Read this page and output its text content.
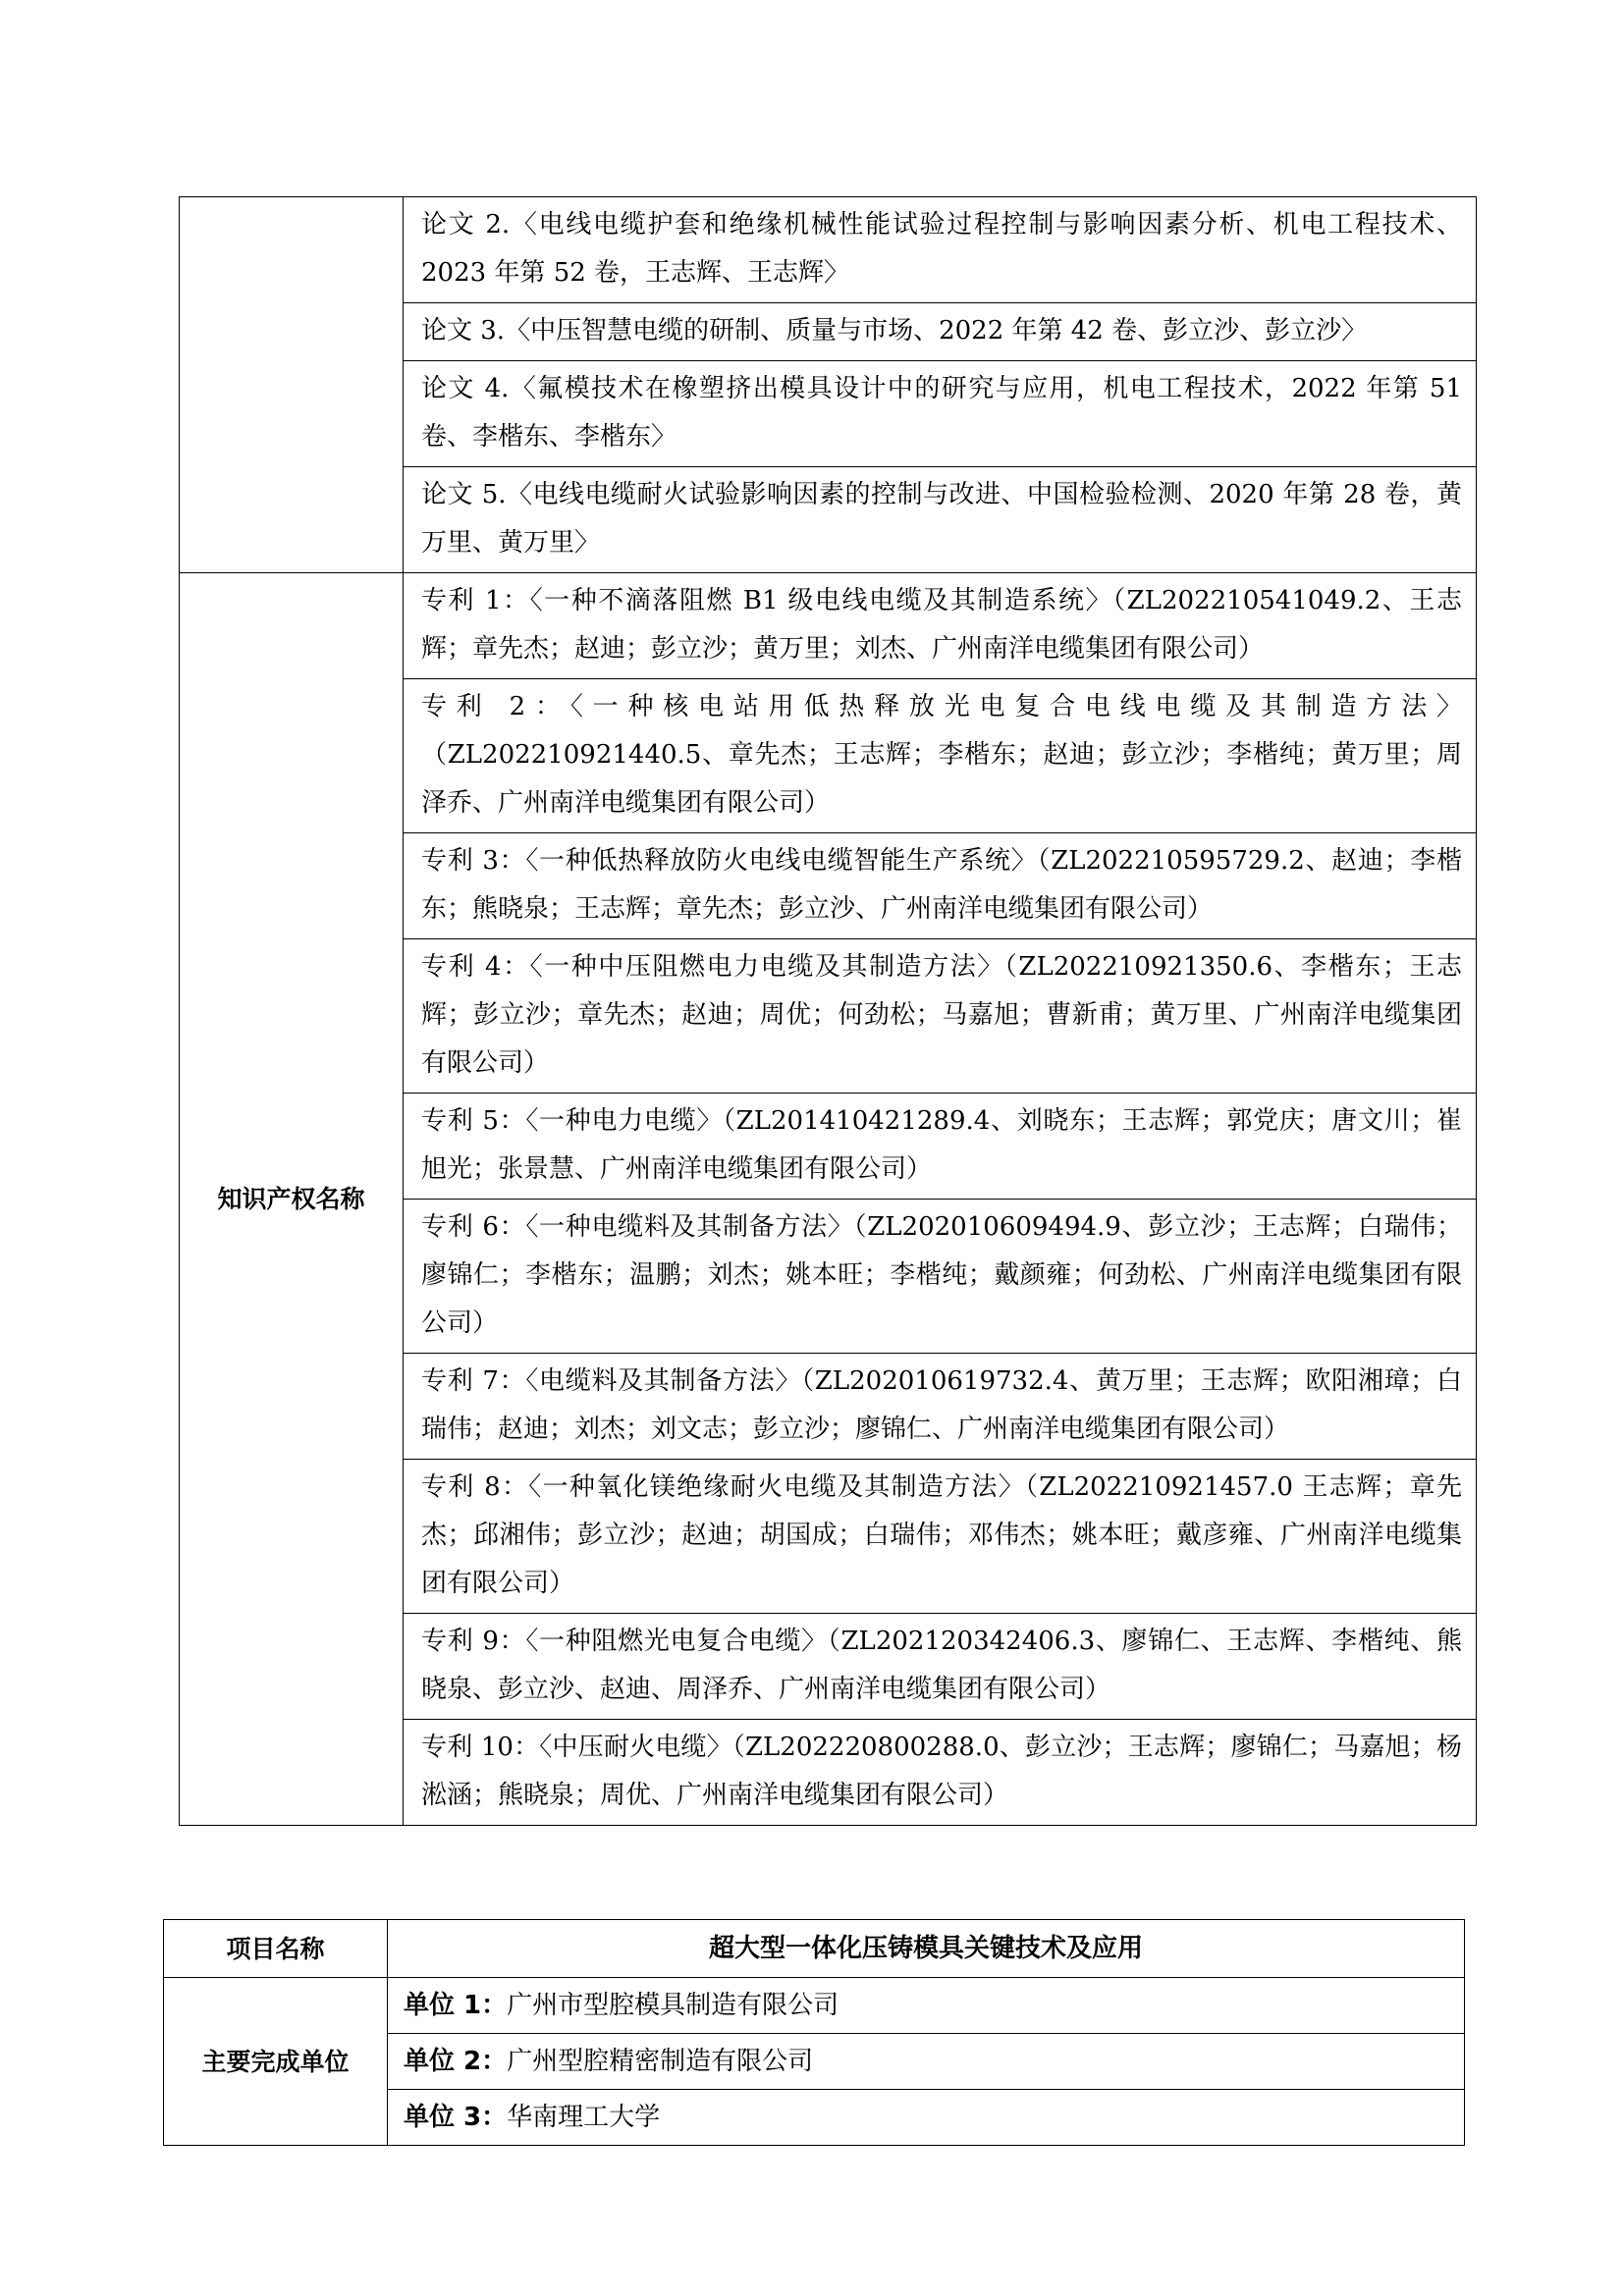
	论文 2.〈电线电缆护套和绝缘机械性能试验过程控制与影响因素分析、机电工程技术、2023 年第 52 卷，王志辉、王志辉〉
	论文 3.〈中压智慧电缆的研制、质量与市场、2022 年第 42 卷、彭立沙、彭立沙〉
	论文 4.〈氟模技术在橡塑挤出模具设计中的研究与应用，机电工程技术，2022 年第 51 卷、李楷东、李楷东〉
	论文 5.〈电线电缆耐火试验影响因素的控制与改进、中国检验检测、2020 年第 28 卷，黄万里、黄万里〉
知识产权名称	专利 1：〈一种不滴落阻燃 B1 级电线电缆及其制造系统〉（ZL202210541049.2、王志辉；章先杰；赵迪；彭立沙；黄万里；刘杰、广州南洋电缆集团有限公司）
	专利 2：〈一种核电站用低热释放光电复合电线电缆及其制造方法〉（ZL202210921440.5、章先杰；王志辉；李楷东；赵迪；彭立沙；李楷纯；黄万里；周泽乔、广州南洋电缆集团有限公司）
	专利 3：〈一种低热释放防火电线电缆智能生产系统〉（ZL202210595729.2、赵迪；李楷东；熊晓泉；王志辉；章先杰；彭立沙、广州南洋电缆集团有限公司）
	专利 4：〈一种中压阻燃电力电缆及其制造方法〉（ZL202210921350.6、李楷东；王志辉；彭立沙；章先杰；赵迪；周优；何劲松；马嘉旭；曹新甫；黄万里、广州南洋电缆集团有限公司）
	专利 5：〈一种电力电缆〉（ZL201410421289.4、刘晓东；王志辉；郭党庆；唐文川；崔旭光；张景慧、广州南洋电缆集团有限公司）
	专利 6：〈一种电缆料及其制备方法〉（ZL202010609494.9、彭立沙；王志辉；白瑞伟；廖锦仁；李楷东；温鹏；刘杰；姚本旺；李楷纯；戴颜雍；何劲松、广州南洋电缆集团有限公司）
	专利 7：〈电缆料及其制备方法〉（ZL202010619732.4、黄万里；王志辉；欧阳湘璋；白瑞伟；赵迪；刘杰；刘文志；彭立沙；廖锦仁、广州南洋电缆集团有限公司）
	专利 8：〈一种氧化镁绝缘耐火电缆及其制造方法〉（ZL202210921457.0 王志辉；章先杰；邱湘伟；彭立沙；赵迪；胡国成；白瑞伟；邓伟杰；姚本旺；戴彦雍、广州南洋电缆集团有限公司）
	专利 9：〈一种阻燃光电复合电缆〉（ZL202120342406.3、廖锦仁、王志辉、李楷纯、熊晓泉、彭立沙、赵迪、周泽乔、广州南洋电缆集团有限公司）
	专利 10：〈中压耐火电缆〉（ZL202220800288.0、彭立沙；王志辉；廖锦仁；马嘉旭；杨淞涵；熊晓泉；周优、广州南洋电缆集团有限公司）
项目名称	超大型一体化压铸模具关键技术及应用
主要完成单位	单位 1：广州市型腔模具制造有限公司
	单位 2：广州型腔精密制造有限公司
	单位 3：华南理工大学
